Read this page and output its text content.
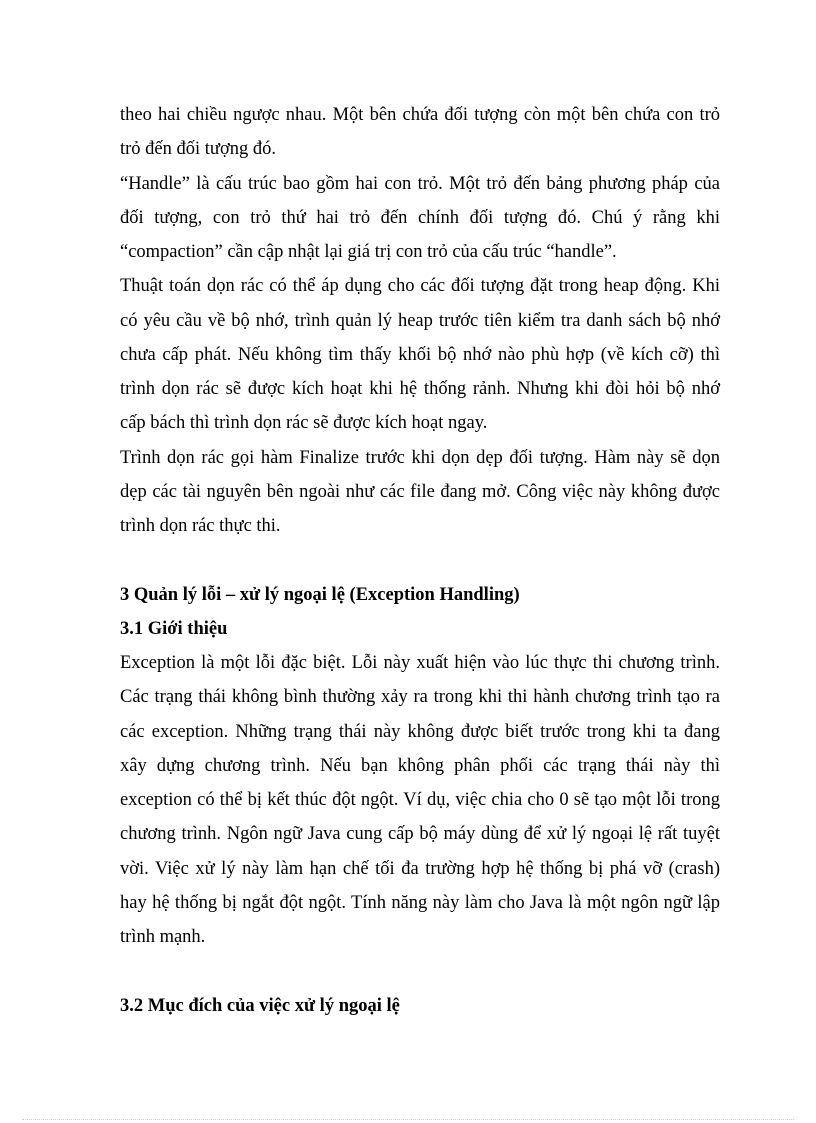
theo hai chiều ngược nhau. Một bên chứa đối tượng còn một bên chứa con trỏ
trỏ đến đối tượng đó.
“Handle” là cấu trúc bao gồm hai con trỏ. Một trỏ đến bảng phương pháp của
đối tượng, con trỏ thứ hai trỏ đến chính đối tượng đó. Chú ý rằng khi
“compaction” cần cập nhật lại giá trị con trỏ của cấu trúc “handle”.
Thuật toán dọn rác có thể áp dụng cho các đối tượng đặt trong heap động. Khi
có yêu cầu về bộ nhớ, trình quản lý heap trước tiên kiểm tra danh sách bộ nhớ
chưa cấp phát. Nếu không tìm thấy khối bộ nhớ nào phù hợp (về kích cỡ) thì
trình dọn rác sẽ được kích hoạt khi hệ thống rảnh. Nhưng khi đòi hỏi bộ nhớ
cấp bách thì trình dọn rác sẽ được kích hoạt ngay.
Trình dọn rác gọi hàm Finalize trước khi dọn dẹp đối tượng. Hàm này sẽ dọn
dẹp các tài nguyên bên ngoài như các file đang mở. Công việc này không được
trình dọn rác thực thi.
3 Quản lý lỗi – xử lý ngoại lệ (Exception Handling)
3.1 Giới thiệu
Exception là một lỗi đặc biệt. Lỗi này xuất hiện vào lúc thực thi chương trình.
Các trạng thái không bình thường xảy ra trong khi thi hành chương trình tạo ra
các exception. Những trạng thái này không được biết trước trong khi ta đang
xây dựng chương trình. Nếu bạn không phân phối các trạng thái này thì
exception có thể bị kết thúc đột ngột. Ví dụ, việc chia cho 0 sẽ tạo một lỗi trong
chương trình. Ngôn ngữ Java cung cấp bộ máy dùng để xử lý ngoại lệ rất tuyệt
vời. Việc xử lý này làm hạn chế tối đa trường hợp hệ thống bị phá vỡ (crash)
hay hệ thống bị ngắt đột ngột. Tính năng này làm cho Java là một ngôn ngữ lập
trình mạnh.
3.2 Mục đích của việc xử lý ngoại lệ
